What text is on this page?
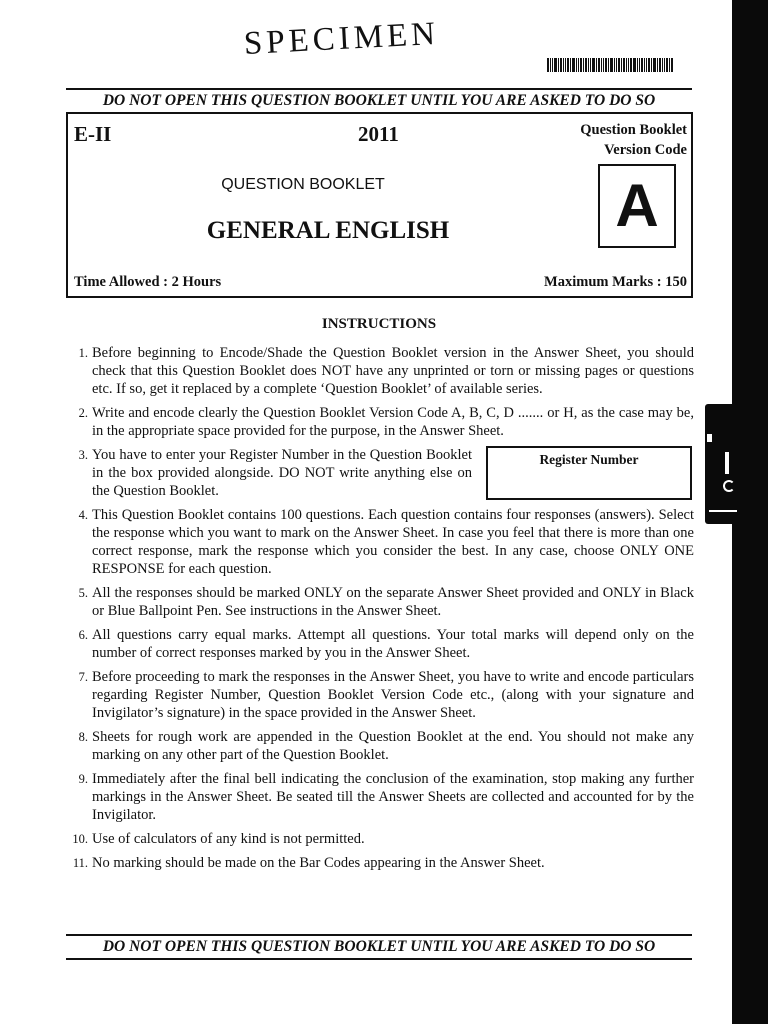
SPECIMEN
DO NOT OPEN THIS QUESTION BOOKLET UNTIL YOU ARE ASKED TO DO SO
E-II	2011	Question Booklet
Version Code
QUESTION BOOKLET
GENERAL ENGLISH	A
Time Allowed : 2 Hours	Maximum Marks : 150
INSTRUCTIONS
1. Before beginning to Encode/Shade the Question Booklet version in the Answer Sheet, you should check that this Question Booklet does NOT have any unprinted or torn or missing pages or questions etc. If so, get it replaced by a complete ‘Question Booklet’ of available series.
2. Write and encode clearly the Question Booklet Version Code A, B, C, D ....... or H, as the case may be, in the appropriate space provided for the purpose, in the Answer Sheet.
3. You have to enter your Register Number in the Question Booklet in the box provided alongside. DO NOT write anything else on the Question Booklet.
Register Number
4. This Question Booklet contains 100 questions. Each question contains four responses (answers). Select the response which you want to mark on the Answer Sheet. In case you feel that there is more than one correct response, mark the response which you consider the best. In any case, choose ONLY ONE RESPONSE for each question.
5. All the responses should be marked ONLY on the separate Answer Sheet provided and ONLY in Black or Blue Ballpoint Pen. See instructions in the Answer Sheet.
6. All questions carry equal marks. Attempt all questions. Your total marks will depend only on the number of correct responses marked by you in the Answer Sheet.
7. Before proceeding to mark the responses in the Answer Sheet, you have to write and encode particulars regarding Register Number, Question Booklet Version Code etc., (along with your signature and Invigilator’s signature) in the space provided in the Answer Sheet.
8. Sheets for rough work are appended in the Question Booklet at the end. You should not make any marking on any other part of the Question Booklet.
9. Immediately after the final bell indicating the conclusion of the examination, stop making any further markings in the Answer Sheet. Be seated till the Answer Sheets are collected and accounted for by the Invigilator.
10. Use of calculators of any kind is not permitted.
11. No marking should be made on the Bar Codes appearing in the Answer Sheet.
DO NOT OPEN THIS QUESTION BOOKLET UNTIL YOU ARE ASKED TO DO SO
